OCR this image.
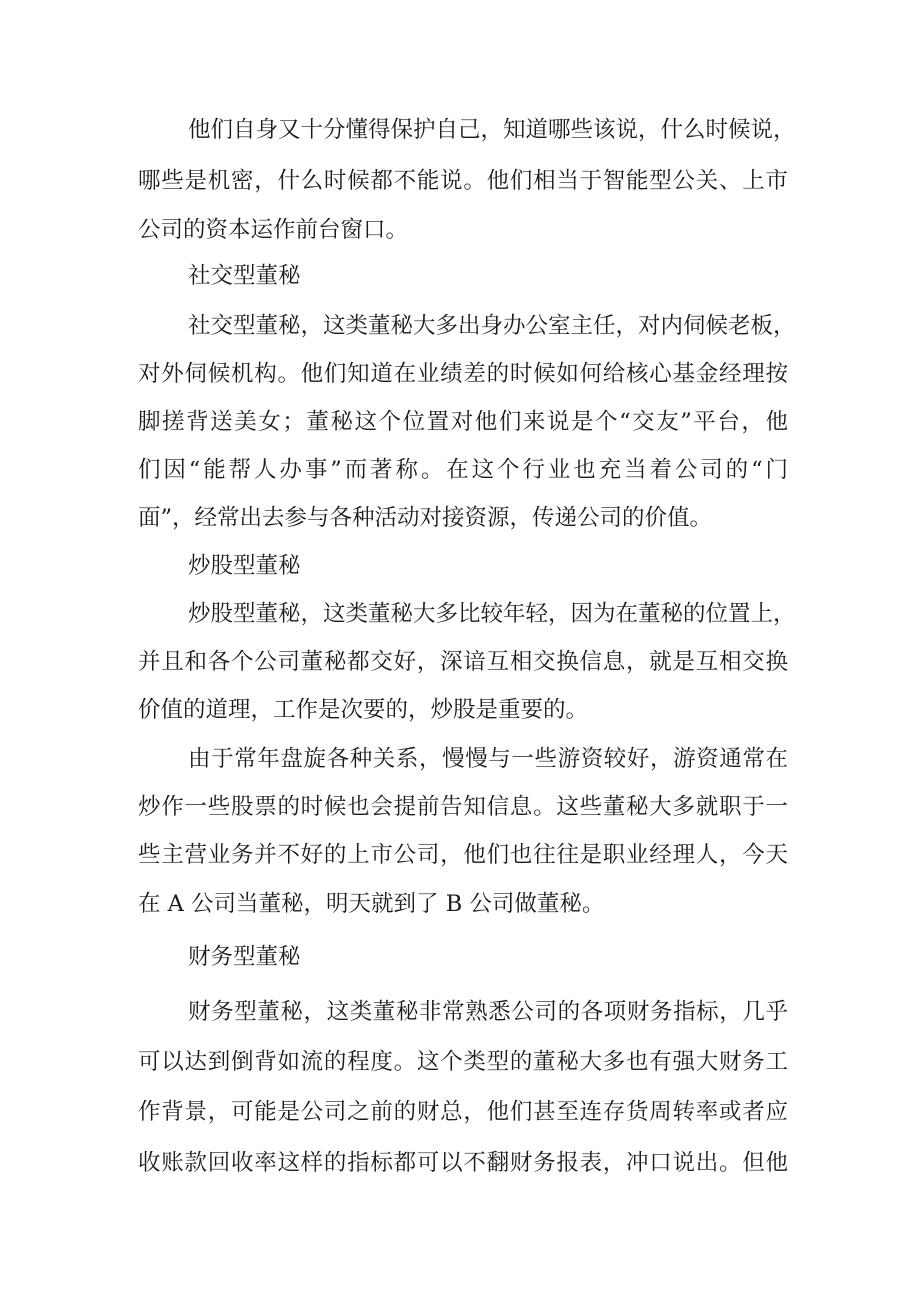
他们自身又十分懂得保护自己，知道哪些该说，什么时候说，
哪些是机密，什么时候都不能说。他们相当于智能型公关、上市
公司的资本运作前台窗口。
社交型董秘
社交型董秘，这类董秘大多出身办公室主任，对内伺候老板，
对外伺候机构。他们知道在业绩差的时候如何给核心基金经理按
脚搓背送美女；董秘这个位置对他们来说是个“交友”平台，他
们因“能帮人办事”而著称。在这个行业也充当着公司的“门
面”，经常出去参与各种活动对接资源，传递公司的价值。
炒股型董秘
炒股型董秘，这类董秘大多比较年轻，因为在董秘的位置上，
并且和各个公司董秘都交好，深谙互相交换信息，就是互相交换
价值的道理，工作是次要的，炒股是重要的。
由于常年盘旋各种关系，慢慢与一些游资较好，游资通常在
炒作一些股票的时候也会提前告知信息。这些董秘大多就职于一
些主营业务并不好的上市公司，他们也往往是职业经理人，今天
在 A 公司当董秘，明天就到了 B 公司做董秘。
财务型董秘
财务型董秘，这类董秘非常熟悉公司的各项财务指标，几乎
可以达到倒背如流的程度。这个类型的董秘大多也有强大财务工
作背景，可能是公司之前的财总，他们甚至连存货周转率或者应
收账款回收率这样的指标都可以不翻财务报表，冲口说出。但他
